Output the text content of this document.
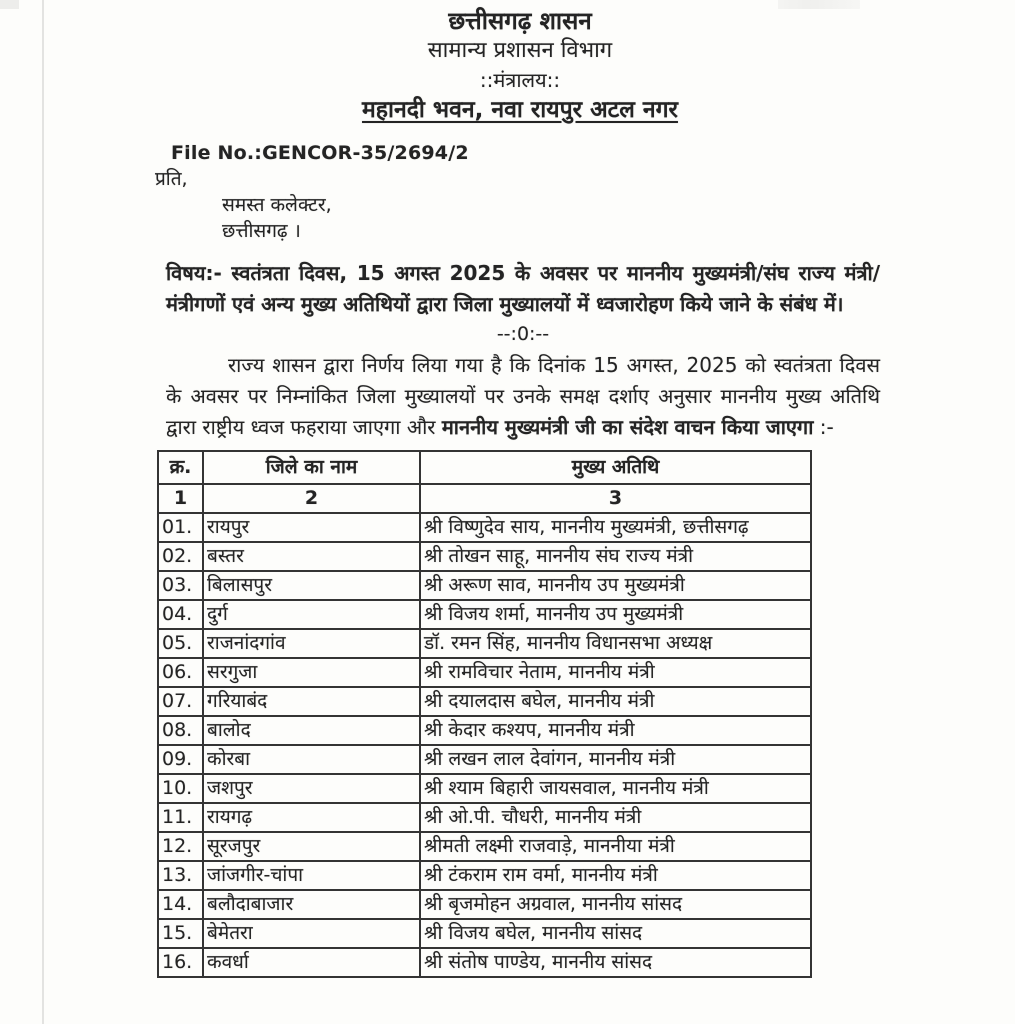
छत्तीसगढ़ शासन
सामान्य प्रशासन विभाग
::मंत्रालय::
महानदी भवन, नवा रायपुर अटल नगर
File No.:GENCOR-35/2694/2
प्रति,
समस्त कलेक्टर,
छत्तीसगढ़ ।

विषय:- स्वतंत्रता दिवस, 15 अगस्त 2025 के अवसर पर माननीय मुख्यमंत्री/संघ राज्य मंत्री/मंत्रीगणों एवं अन्य मुख्य अतिथियों द्वारा जिला मुख्यालयों में ध्वजारोहण किये जाने के संबंध में।

--:0:--

राज्य शासन द्वारा निर्णय लिया गया है कि दिनांक 15 अगस्त, 2025 को स्वतंत्रता दिवस के अवसर पर निम्नांकित जिला मुख्यालयों पर उनके समक्ष दर्शाए अनुसार माननीय मुख्य अतिथि द्वारा राष्ट्रीय ध्वज फहराया जाएगा और माननीय मुख्यमंत्री जी का संदेश वाचन किया जाएगा :-

क्र.	जिले का नाम	मुख्य अतिथि
1	2	3
01.	रायपुर	श्री विष्णुदेव साय, माननीय मुख्यमंत्री, छत्तीसगढ़
02.	बस्तर	श्री तोखन साहू, माननीय संघ राज्य मंत्री
03.	बिलासपुर	श्री अरूण साव, माननीय उप मुख्यमंत्री
04.	दुर्ग	श्री विजय शर्मा, माननीय उप मुख्यमंत्री
05.	राजनांदगांव	डॉ. रमन सिंह, माननीय विधानसभा अध्यक्ष
06.	सरगुजा	श्री रामविचार नेताम, माननीय मंत्री
07.	गरियाबंद	श्री दयालदास बघेल, माननीय मंत्री
08.	बालोद	श्री केदार कश्यप, माननीय मंत्री
09.	कोरबा	श्री लखन लाल देवांगन, माननीय मंत्री
10.	जशपुर	श्री श्याम बिहारी जायसवाल, माननीय मंत्री
11.	रायगढ़	श्री ओ.पी. चौधरी, माननीय मंत्री
12.	सूरजपुर	श्रीमती लक्ष्मी राजवाड़े, माननीया मंत्री
13.	जांजगीर-चांपा	श्री टंकराम राम वर्मा, माननीय मंत्री
14.	बलौदाबाजार	श्री बृजमोहन अग्रवाल, माननीय सांसद
15.	बेमेतरा	श्री विजय बघेल, माननीय सांसद
16.	कवर्धा	श्री संतोष पाण्डेय, माननीय सांसद
